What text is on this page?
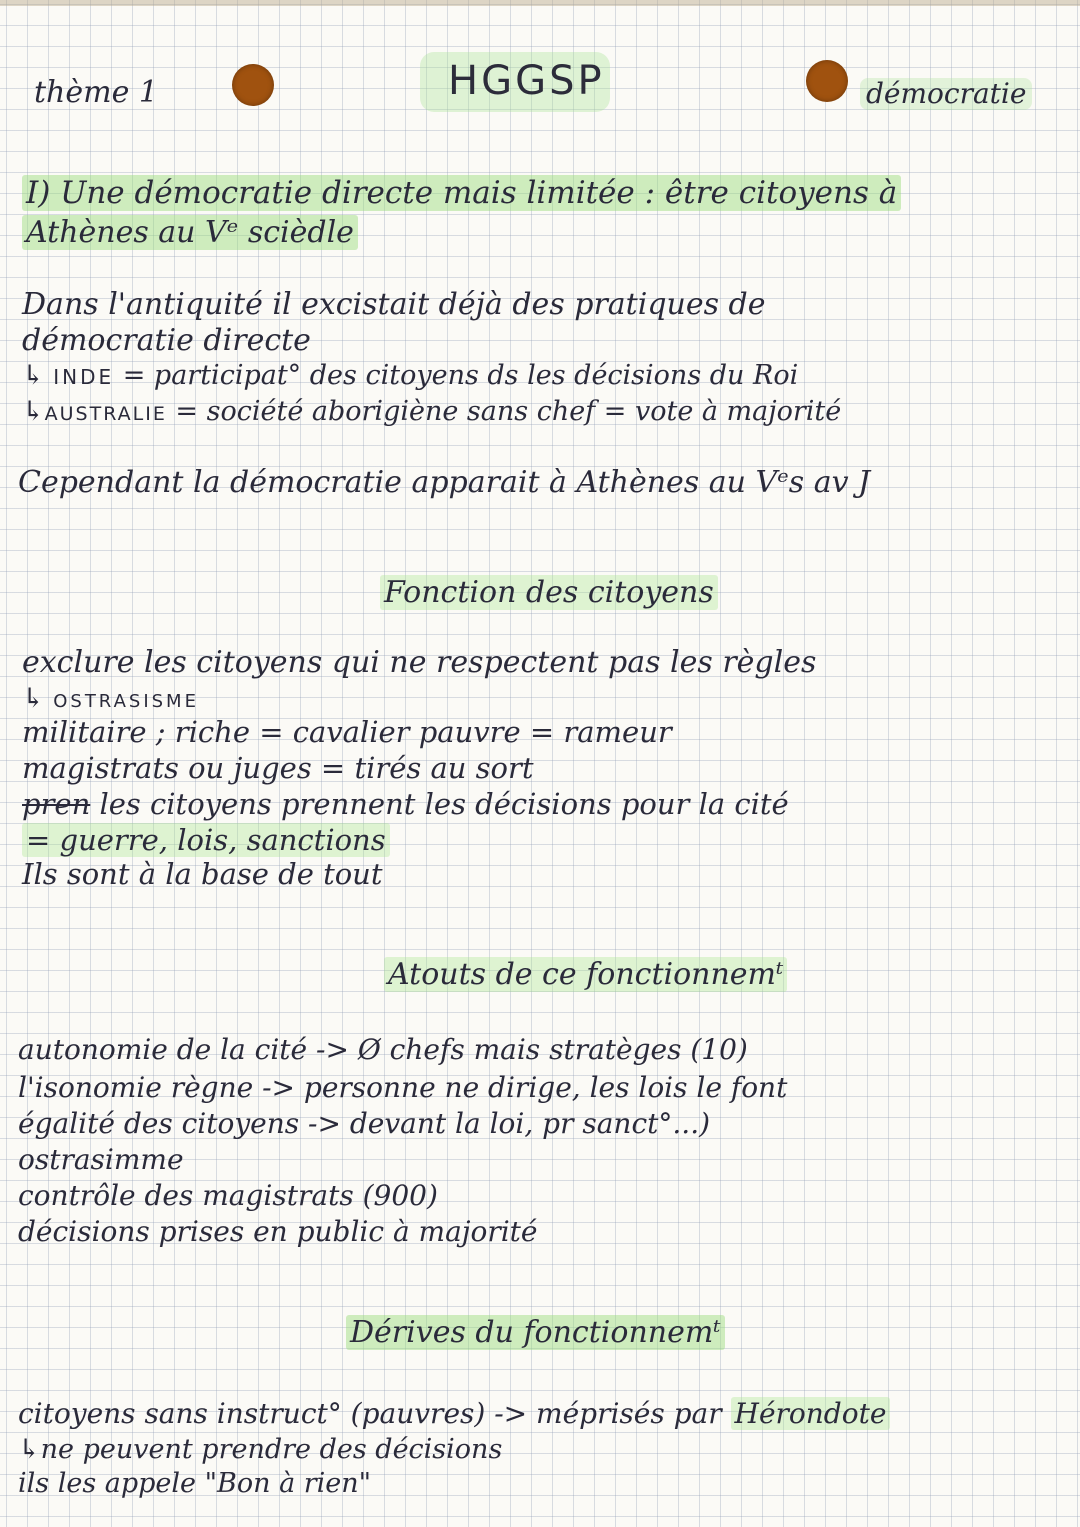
thème 1	HGGSP	démocratie
I) Une démocratie directe mais limitée : être citoyens à
Athènes au Vᵉ scièdle
Dans l'antiquité il excistait déjà des pratiques de
démocratie directe
↳ INDE = participat° des citoyens ds les décisions du Roi
↳AUSTRALIE = société aborigiène sans chef = vote à majorité
Cependant la démocratie apparait à Athènes au Vᵉs av J
Fonction des citoyens
exclure les citoyens qui ne respectent pas les règles
↳ OSTRASISME
militaire ; riche = cavalier pauvre = rameur
magistrats ou juges = tirés au sort
pren les citoyens prennent les décisions pour la cité
= guerre, lois, sanctions
Ils sont à la base de tout
Atouts de ce fonctionnemᵗ
autonomie de la cité -> Ø chefs mais stratèges (10)
l'isonomie règne -> personne ne dirige, les lois le font
égalité des citoyens -> devant la loi, pr sanct°...)
ostrasimme
contrôle des magistrats (900)
décisions prises en public à majorité
Dérives du fonctionnemᵗ
citoyens sans instruct° (pauvres) -> méprisés par Hérondote
↳ne peuvent prendre des décisions
ils les appele "Bon à rien"
